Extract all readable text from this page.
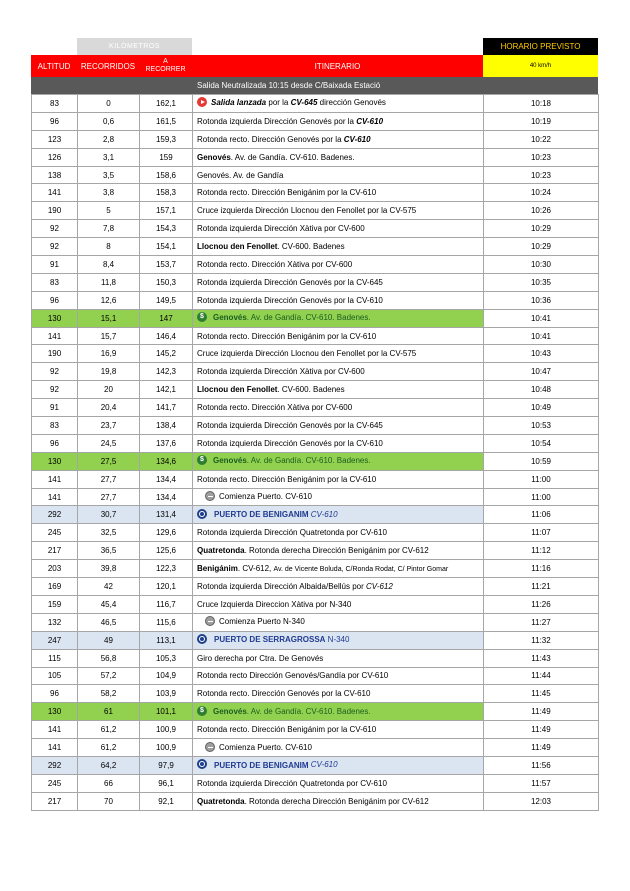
KILÓMETROS	HORARIO PREVISTO
ALTITUD	RECORRIDOS	A
RECORRER	ITINERARIO	40 km/h
Salida Neutralizada 10:15 desde C/Baixada Estació
83	0	162,1	Salida lanzada por la CV-645 dirección Genovés	10:18
96	0,6	161,5	Rotonda izquierda Dirección Genovés por la CV-610	10:19
123	2,8	159,3	Rotonda recto. Dirección Genovés por la CV-610	10:22
126	3,1	159	Genovés. Av. de Gandía. CV-610. Badenes.	10:23
138	3,5	158,6	Genovés. Av. de Gandía	10:23
141	3,8	158,3	Rotonda recto. Dirección Benigánim por la CV-610	10:24
190	5	157,1	Cruce izquierda Dirección Llocnou den Fenollet por la CV-575	10:26
92	7,8	154,3	Rotonda izquierda Dirección Xàtiva por CV-600	10:29
92	8	154,1	Llocnou den Fenollet. CV-600. Badenes	10:29
91	8,4	153,7	Rotonda recto. Dirección Xàtiva por CV-600	10:30
83	11,8	150,3	Rotonda izquierda Dirección Genovés por la CV-645	10:35
96	12,6	149,5	Rotonda izquierda Dirección Genovés por la CV-610	10:36
130	15,1	147	$ Genovés. Av. de Gandía. CV-610. Badenes.	10:41
141	15,7	146,4	Rotonda recto. Dirección Benigánim por la CV-610	10:41
190	16,9	145,2	Cruce izquierda Dirección Llocnou den Fenollet por la CV-575	10:43
92	19,8	142,3	Rotonda izquierda Dirección Xàtiva por CV-600	10:47
92	20	142,1	Llocnou den Fenollet. CV-600. Badenes	10:48
91	20,4	141,7	Rotonda recto. Dirección Xàtiva por CV-600	10:49
83	23,7	138,4	Rotonda izquierda Dirección Genovés por la CV-645	10:53
96	24,5	137,6	Rotonda izquierda Dirección Genovés por la CV-610	10:54
130	27,5	134,6	$ Genovés. Av. de Gandía. CV-610. Badenes.	10:59
141	27,7	134,4	Rotonda recto. Dirección Benigánim por la CV-610	11:00
141	27,7	134,4	Comienza Puerto. CV-610	11:00
292	30,7	131,4	PUERTO DE BENIGANIM CV-610	11:06
245	32,5	129,6	Rotonda izquierda Dirección Quatretonda por CV-610	11:07
217	36,5	125,6	Quatretonda. Rotonda derecha Dirección Benigánim por CV-612	11:12
203	39,8	122,3	Benigánim. CV-612, Av. de Vicente Boluda, C/Ronda Rodat, C/ Pintor Gomar	11:16
169	42	120,1	Rotonda izquierda Dirección Albaida/Bellús por CV-612	11:21
159	45,4	116,7	Cruce Izquierda Direccion Xàtiva por N-340	11:26
132	46,5	115,6	Comienza Puerto N-340	11:27
247	49	113,1	PUERTO DE SERRAGROSSA N-340	11:32
115	56,8	105,3	Giro derecha por Ctra. De Genovés	11:43
105	57,2	104,9	Rotonda recto Dirección Genovés/Gandía por CV-610	11:44
96	58,2	103,9	Rotonda recto. Dirección Genovés por la CV-610	11:45
130	61	101,1	$ Genovés. Av. de Gandía. CV-610. Badenes.	11:49
141	61,2	100,9	Rotonda recto. Dirección Benigánim por la CV-610	11:49
141	61,2	100,9	Comienza Puerto. CV-610	11:49
292	64,2	97,9	PUERTO DE BENIGANIM CV-610	11:56
245	66	96,1	Rotonda izquierda Dirección Quatretonda por CV-610	11:57
217	70	92,1	Quatretonda. Rotonda derecha Dirección Benigánim por CV-612	12:03
